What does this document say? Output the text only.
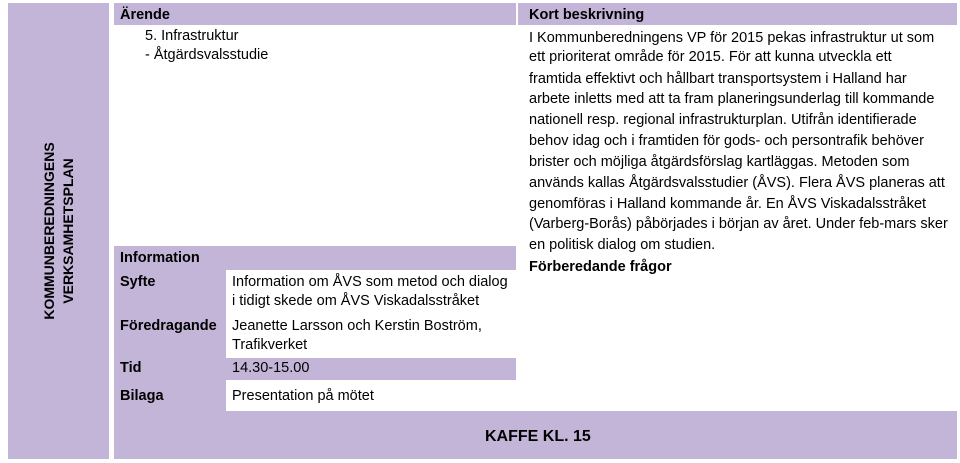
KOMMUNBEREDNINGENS VERKSAMHETSPLAN
Ärende	Kort beskrivning
5. Infrastruktur
- Åtgärdsvalsstudie

I Kommunberedningens VP för 2015 pekas infrastruktur ut som

ett prioriterat område för 2015. För att kunna utveckla ett

framtida effektivt och hållbart transportsystem i Halland har

arbete inletts med att ta fram planeringsunderlag till kommande

nationell resp. regional infrastrukturplan. Utifrån identifierade

behov idag och i framtiden för gods- och persontrafik behöver

brister och möjliga åtgärdsförslag kartläggas. Metoden som

används kallas Åtgärdsvalsstudier (ÅVS). Flera ÅVS planeras att

genomföras i Halland kommande år. En ÅVS Viskadalsstråket

(Varberg-Borås) påbörjades i början av året. Under feb-mars sker

en politisk dialog om studien.

Förberedande frågor
Information
Syfte
Föredragande
Tid
Bilaga
Information om ÅVS som metod och dialog
i tidigt skede om ÅVS Viskadalsstråket
Jeanette Larsson och Kerstin Boström,
Trafikverket
14.30-15.00
Presentation på mötet
KAFFE KL. 15
